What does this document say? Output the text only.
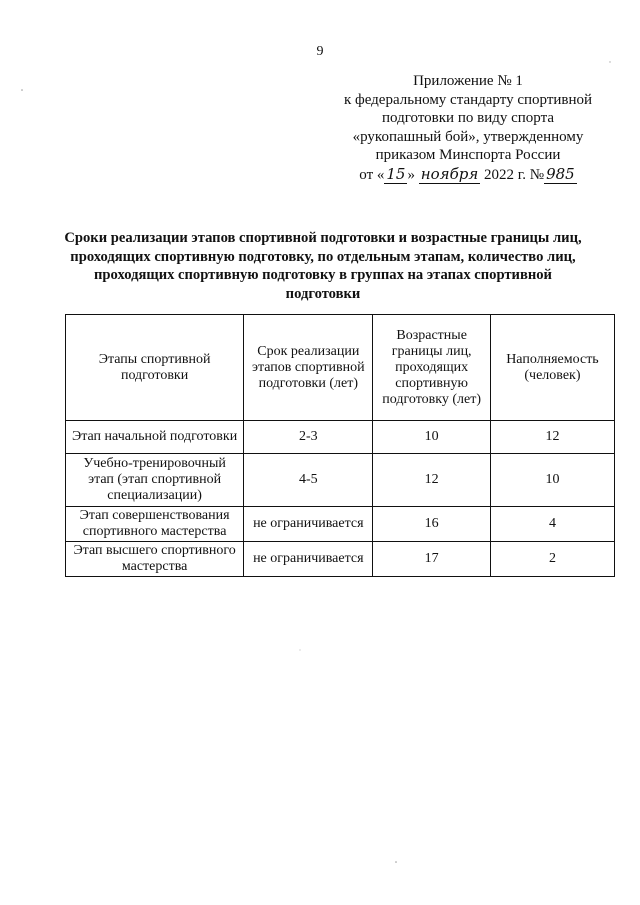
9
Приложение № 1
к федеральному стандарту спортивной
подготовки по виду спорта
«рукопашный бой», утвержденному
приказом Минспорта России
от « 15 » ноября 2022 г. № 985
Сроки реализации этапов спортивной подготовки и возрастные границы лиц, проходящих спортивную подготовку, по отдельным этапам, количество лиц, проходящих спортивную подготовку в группах на этапах спортивной подготовки
Этапы спортивной подготовки	Срок реализации этапов спортивной подготовки (лет)	Возрастные границы лиц, проходящих спортивную подготовку (лет)	Наполняемость (человек)
Этап начальной подготовки	2-3	10	12
Учебно-тренировочный этап (этап спортивной специализации)	4-5	12	10
Этап совершенствования спортивного мастерства	не ограничивается	16	4
Этап высшего спортивного мастерства	не ограничивается	17	2
